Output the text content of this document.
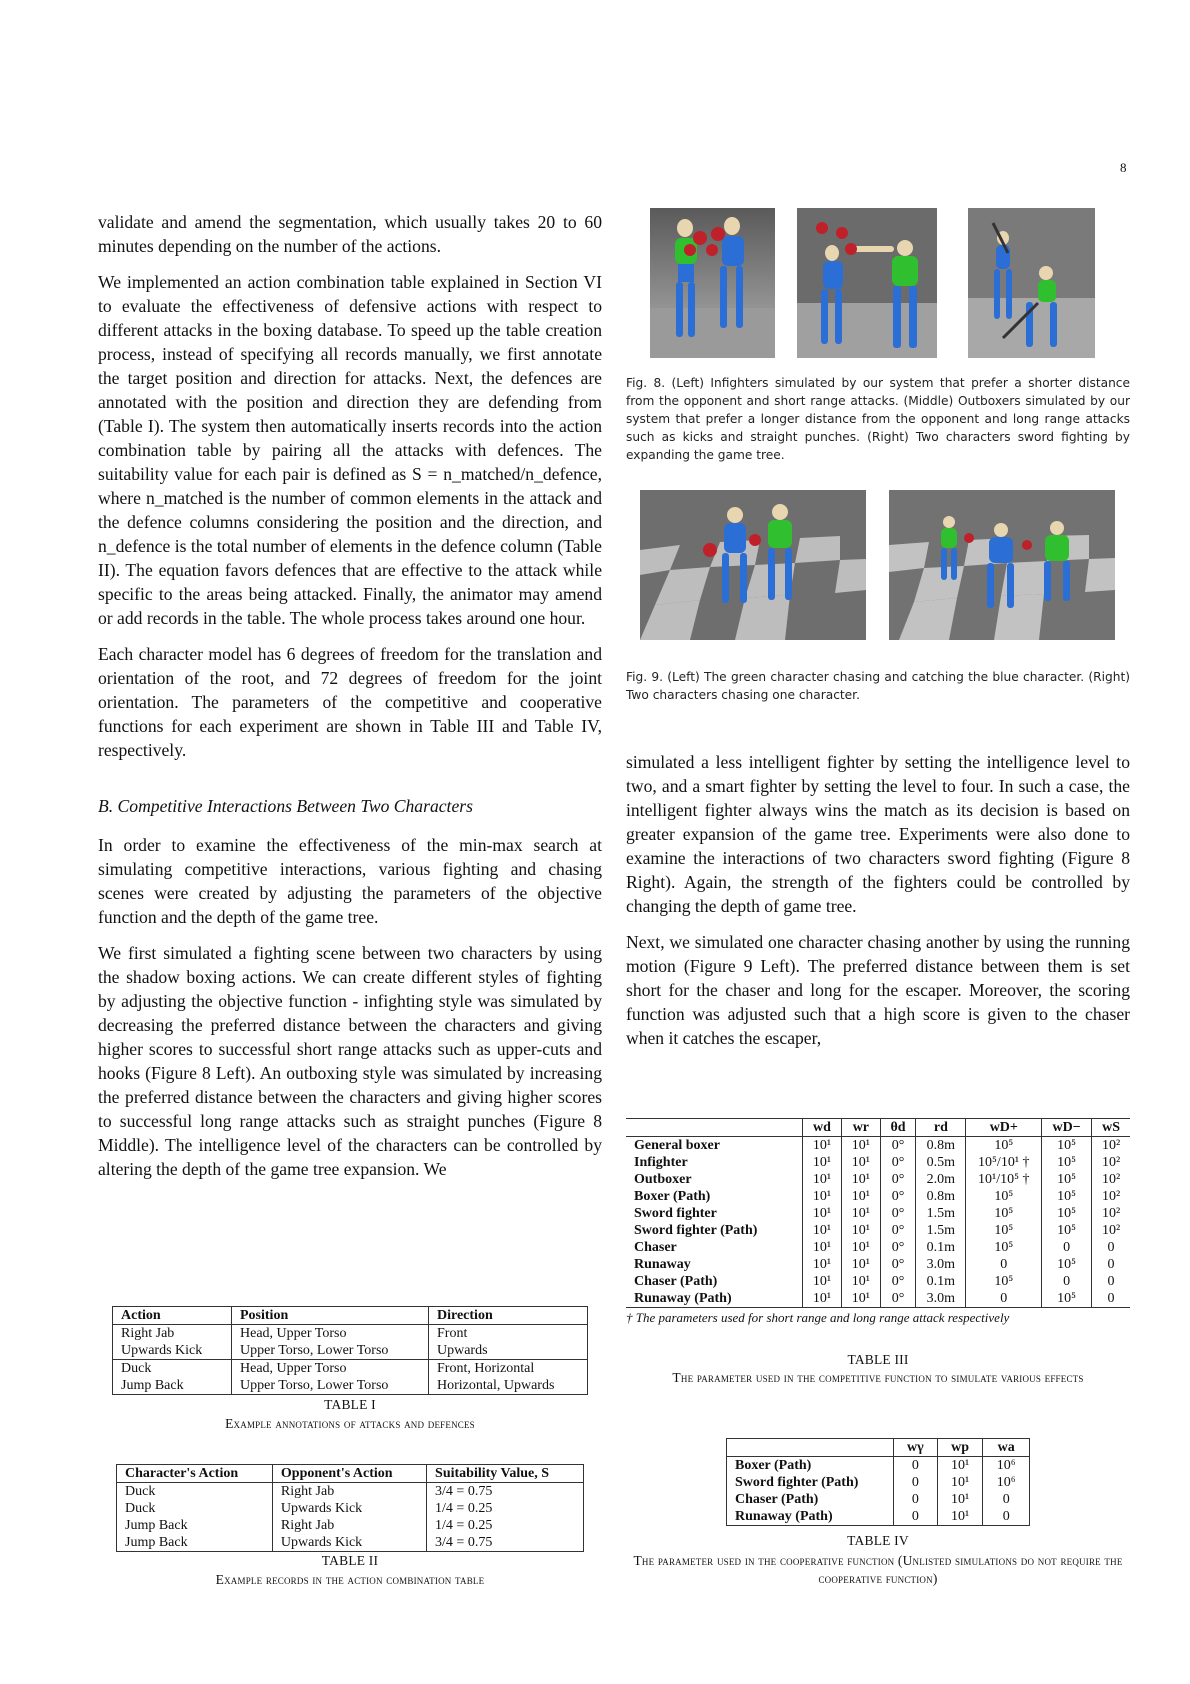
8

validate and amend the segmentation, which usually takes 20 to 60 minutes depending on the number of the actions.

We implemented an action combination table explained in Section VI to evaluate the effectiveness of defensive actions with respect to different attacks in the boxing database. To speed up the table creation process, instead of specifying all records manually, we first annotate the target position and direction for attacks. Next, the defences are annotated with the position and direction they are defending from (Table I). The system then automatically inserts records into the action combination table by pairing all the attacks with defences. The suitability value for each pair is defined as S = n_matched/n_defence, where n_matched is the number of common elements in the attack and the defence columns considering the position and the direction, and n_defence is the total number of elements in the defence column (Table II). The equation favors defences that are effective to the attack while specific to the areas being attacked. Finally, the animator may amend or add records in the table. The whole process takes around one hour.

Each character model has 6 degrees of freedom for the translation and orientation of the root, and 72 degrees of freedom for the joint orientation. The parameters of the competitive and cooperative functions for each experiment are shown in Table III and Table IV, respectively.

B. Competitive Interactions Between Two Characters

In order to examine the effectiveness of the min-max search at simulating competitive interactions, various fighting and chasing scenes were created by adjusting the parameters of the objective function and the depth of the game tree.

We first simulated a fighting scene between two characters by using the shadow boxing actions. We can create different styles of fighting by adjusting the objective function - infighting style was simulated by decreasing the preferred distance between the characters and giving higher scores to successful short range attacks such as upper-cuts and hooks (Figure 8 Left). An outboxing style was simulated by increasing the preferred distance between the characters and giving higher scores to successful long range attacks such as straight punches (Figure 8 Middle). The intelligence level of the characters can be controlled by altering the depth of the game tree expansion. We

Fig. 8. (Left) Infighters simulated by our system that prefer a shorter distance from the opponent and short range attacks. (Middle) Outboxers simulated by our system that prefer a longer distance from the opponent and long range attacks such as kicks and straight punches. (Right) Two characters sword fighting by expanding the game tree.
Fig. 9. (Left) The green character chasing and catching the blue character. (Right) Two characters chasing one character.

simulated a less intelligent fighter by setting the intelligence level to two, and a smart fighter by setting the level to four. In such a case, the intelligent fighter always wins the match as its decision is based on greater expansion of the game tree. Experiments were also done to examine the interactions of two characters sword fighting (Figure 8 Right). Again, the strength of the fighters could be controlled by changing the depth of game tree.

Next, we simulated one character chasing another by using the running motion (Figure 9 Left). The preferred distance between them is set short for the chaser and long for the escaper. Moreover, the scoring function was adjusted such that a high score is given to the chaser when it catches the escaper,

Action	Position	Direction
Right Jab	Head, Upper Torso	Front
Upwards Kick	Upper Torso, Lower Torso	Upwards
Duck	Head, Upper Torso	Front, Horizontal
Jump Back	Upper Torso, Lower Torso	Horizontal, Upwards
TABLE I
Example annotations of attacks and defences
Character's Action	Opponent's Action	Suitability Value, S
Duck	Right Jab	3/4 = 0.75
Duck	Upwards Kick	1/4 = 0.25
Jump Back	Right Jab	1/4 = 0.25
Jump Back	Upwards Kick	3/4 = 0.75
TABLE II
Example records in the action combination table
	wd	wr	θd	rd	wD+	wD−	wS
General boxer	10¹	10¹	0°	0.8m	10⁵	10⁵	10²
Infighter	10¹	10¹	0°	0.5m	10⁵/10¹ †	10⁵	10²
Outboxer	10¹	10¹	0°	2.0m	10¹/10⁵ †	10⁵	10²
Boxer (Path)	10¹	10¹	0°	0.8m	10⁵	10⁵	10²
Sword fighter	10¹	10¹	0°	1.5m	10⁵	10⁵	10²
Sword fighter (Path)	10¹	10¹	0°	1.5m	10⁵	10⁵	10²
Chaser	10¹	10¹	0°	0.1m	10⁵	0	0
Runaway	10¹	10¹	0°	3.0m	0	10⁵	0
Chaser (Path)	10¹	10¹	0°	0.1m	10⁵	0	0
Runaway (Path)	10¹	10¹	0°	3.0m	0	10⁵	0
† The parameters used for short range and long range attack respectively
TABLE III
The parameter used in the competitive function to simulate various effects
	wγ	wp	wa
Boxer (Path)	0	10¹	10⁶
Sword fighter (Path)	0	10¹	10⁶
Chaser (Path)	0	10¹	0
Runaway (Path)	0	10¹	0
TABLE IV
The parameter used in the cooperative function (Unlisted simulations do not require the cooperative function)
